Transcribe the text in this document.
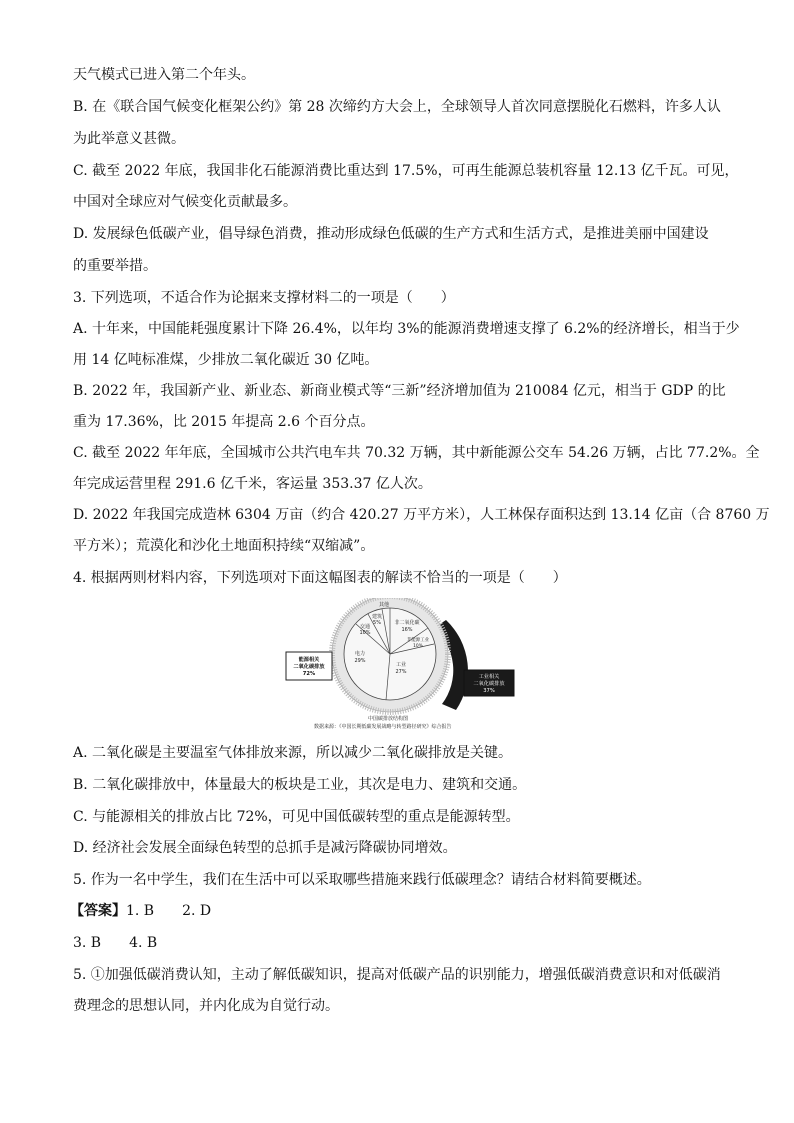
天气模式已进入第二个年头。
B. 在《联合国气候变化框架公约》第 28 次缔约方大会上，全球领导人首次同意摆脱化石燃料，许多人认
为此举意义甚微。
C. 截至 2022 年底，我国非化石能源消费比重达到 17.5%，可再生能源总装机容量 12.13 亿千瓦。可见，
中国对全球应对气候变化贡献最多。
D. 发展绿色低碳产业，倡导绿色消费，推动形成绿色低碳的生产方式和生活方式，是推进美丽中国建设
的重要举措。
3. 下列选项，不适合作为论据来支撑材料二的一项是（　　）
A. 十年来，中国能耗强度累计下降 26.4%，以年均 3%的能源消费增速支撑了 6.2%的经济增长，相当于少
用 14 亿吨标准煤，少排放二氧化碳近 30 亿吨。
B. 2022 年，我国新产业、新业态、新商业模式等“三新”经济增加值为 210084 亿元，相当于 GDP 的比
重为 17.36%，比 2015 年提高 2.6 个百分点。
C. 截至 2022 年年底，全国城市公共汽电车共 70.32 万辆，其中新能源公交车 54.26 万辆，占比 77.2%。全
年完成运营里程 291.6 亿千米，客运量 353.37 亿人次。
D. 2022 年我国完成造林 6304 万亩（约合 420.27 万平方米），人工林保存面积达到 13.14 亿亩（合 8760 万
平方米）；荒漠化和沙化土地面积持续“双缩减”。
4. 根据两则材料内容，下列选项对下面这幅图表的解读不恰当的一项是（　　）
其他
建筑
5%
交通
10%
电力
29%
工业
27%
非能源工业
10%
非二氧化碳
16%
能源相关
二氧化碳排放
72%	工业相关
二氧化碳排放
37%
中国碳排放结构图
数据来源：《中国长期低碳发展战略与转型路径研究》综合报告
A. 二氧化碳是主要温室气体排放来源，所以减少二氧化碳排放是关键。
B. 二氧化碳排放中，体量最大的板块是工业，其次是电力、建筑和交通。
C. 与能源相关的排放占比 72%，可见中国低碳转型的重点是能源转型。
D. 经济社会发展全面绿色转型的总抓手是减污降碳协同增效。
5. 作为一名中学生，我们在生活中可以采取哪些措施来践行低碳理念？请结合材料简要概述。
【答案】1. B　　2. D
3. B　　4. B
5. ①加强低碳消费认知，主动了解低碳知识，提高对低碳产品的识别能力，增强低碳消费意识和对低碳消
费理念的思想认同，并内化成为自觉行动。
